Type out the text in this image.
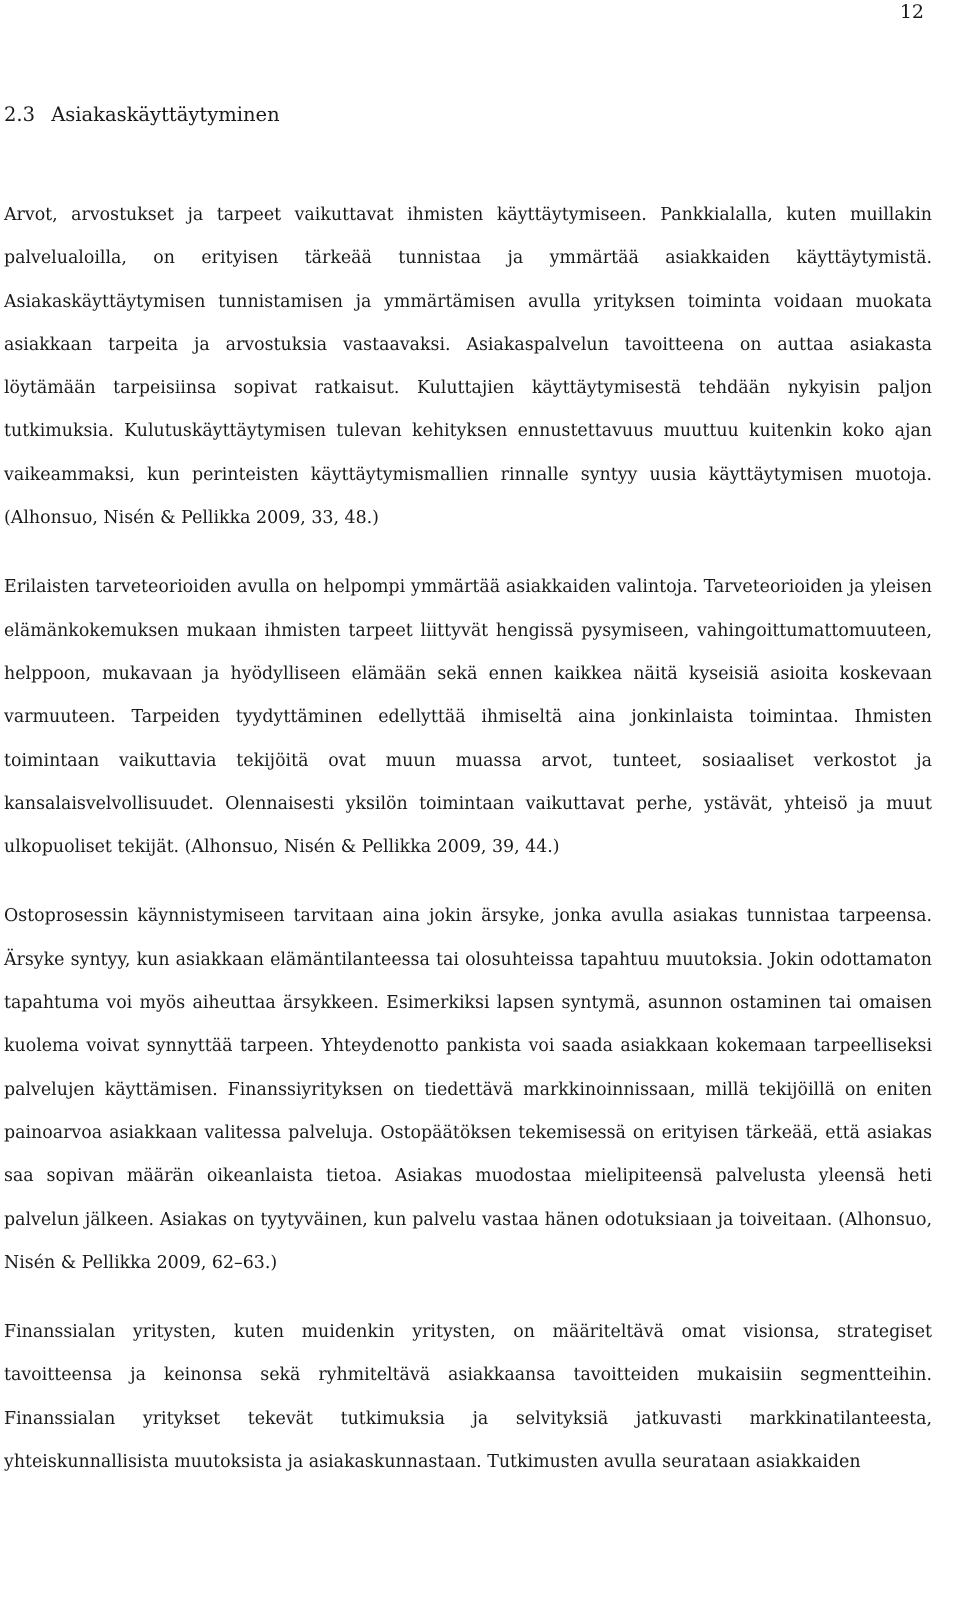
12
2.3 Asiakaskäyttäytyminen

Arvot, arvostukset ja tarpeet vaikuttavat ihmisten käyttäytymiseen. Pankkialalla, kuten muillakin palvelualoilla, on erityisen tärkeää tunnistaa ja ymmärtää asiakkaiden käyttäytymistä. Asiakaskäyttäytymisen tunnistamisen ja ymmärtämisen avulla yrityksen toiminta voidaan muokata asiakkaan tarpeita ja arvostuksia vastaavaksi. Asiakaspalvelun tavoitteena on auttaa asiakasta löytämään tarpeisiinsa sopivat ratkaisut. Kuluttajien käyttäytymisestä tehdään nykyisin paljon tutkimuksia. Kulutuskäyttäytymisen tulevan kehityksen ennustettavuus muuttuu kuitenkin koko ajan vaikeammaksi, kun perinteisten käyttäytymismallien rinnalle syntyy uusia käyttäytymisen muotoja. (Alhonsuo, Nisén & Pellikka 2009, 33, 48.)

Erilaisten tarveteorioiden avulla on helpompi ymmärtää asiakkaiden valintoja. Tarveteorioiden ja yleisen elämänkokemuksen mukaan ihmisten tarpeet liittyvät hengissä pysymiseen, vahingoittumattomuuteen, helppoon, mukavaan ja hyödylliseen elämään sekä ennen kaikkea näitä kyseisiä asioita koskevaan varmuuteen. Tarpeiden tyydyttäminen edellyttää ihmiseltä aina jonkinlaista toimintaa. Ihmisten toimintaan vaikuttavia tekijöitä ovat muun muassa arvot, tunteet, sosiaaliset verkostot ja kansalaisvelvollisuudet. Olennaisesti yksilön toimintaan vaikuttavat perhe, ystävät, yhteisö ja muut ulkopuoliset tekijät. (Alhonsuo, Nisén & Pellikka 2009, 39, 44.)

Ostoprosessin käynnistymiseen tarvitaan aina jokin ärsyke, jonka avulla asiakas tunnistaa tarpeensa. Ärsyke syntyy, kun asiakkaan elämäntilanteessa tai olosuhteissa tapahtuu muutoksia. Jokin odottamaton tapahtuma voi myös aiheuttaa ärsykkeen. Esimerkiksi lapsen syntymä, asunnon ostaminen tai omaisen kuolema voivat synnyttää tarpeen. Yhteydenotto pankista voi saada asiakkaan kokemaan tarpeelliseksi palvelujen käyttämisen. Finanssiyrityksen on tiedettävä markkinoinnissaan, millä tekijöillä on eniten painoarvoa asiakkaan valitessa palveluja. Ostopäätöksen tekemisessä on erityisen tärkeää, että asiakas saa sopivan määrän oikeanlaista tietoa. Asiakas muodostaa mielipiteensä palvelusta yleensä heti palvelun jälkeen. Asiakas on tyytyväinen, kun palvelu vastaa hänen odotuksiaan ja toiveitaan. (Alhonsuo, Nisén & Pellikka 2009, 62–63.)

Finanssialan yritysten, kuten muidenkin yritysten, on määriteltävä omat visionsa, strategiset tavoitteensa ja keinonsa sekä ryhmiteltävä asiakkaansa tavoitteiden mukaisiin segmentteihin. Finanssialan yritykset tekevät tutkimuksia ja selvityksiä jatkuvasti markkinatilanteesta, yhteiskunnallisista muutoksista ja asiakaskunnastaan. Tutkimusten avulla seurataan asiakkaiden
